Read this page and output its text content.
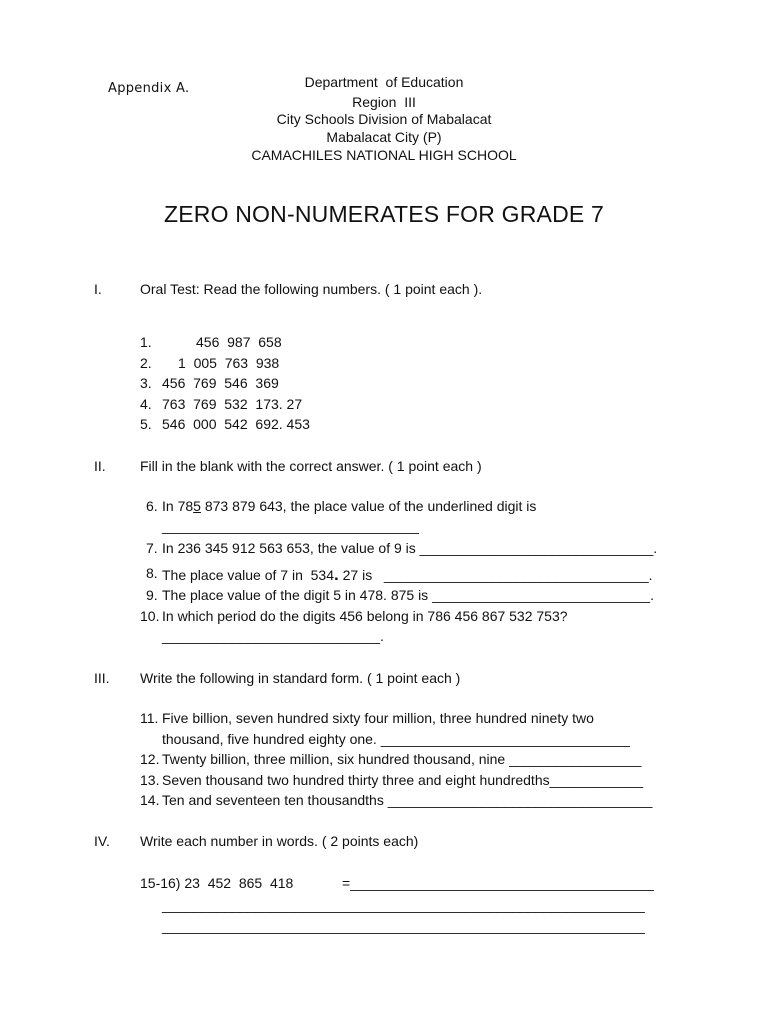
Appendix A.	Department  of Education
Region  III
City Schools Division of Mabalacat
Mabalacat City (P)
CAMACHILES NATIONAL HIGH SCHOOL
ZERO NON-NUMERATES FOR GRADE 7
I.	Oral Test: Read the following numbers. ( 1 point each ).
1.	456  987  658
2. 1  005  763  938
3. 456  769  546  369
4. 763  769  532  173. 27
5. 546  000  542  692. 453
II. Fill in the blank with the correct answer. ( 1 point each )
6. In 785 873 879 643, the place value of the underlined digit is
_________________________________
7. In 236 345 912 563 653, the value of 9 is ______________________________.
8. The place value of 7 in  534. 27 is   __________________________________.
9. The place value of the digit 5 in 478. 875 is ____________________________.
10. In which period do the digits 456 belong in 786 456 867 532 753?
____________________________.
III. Write the following in standard form. ( 1 point each )
11. Five billion, seven hundred sixty four million, three hundred ninety two
thousand, five hundred eighty one. ________________________________
12. Twenty billion, three million, six hundred thousand, nine _________________
13. Seven thousand two hundred thirty three and eight hundredths____________
14. Ten and seventeen ten thousandths __________________________________
IV. Write each number in words. ( 2 points each)
15-16) 23  452  865  418	=_______________________________________
______________________________________________________________
______________________________________________________________
